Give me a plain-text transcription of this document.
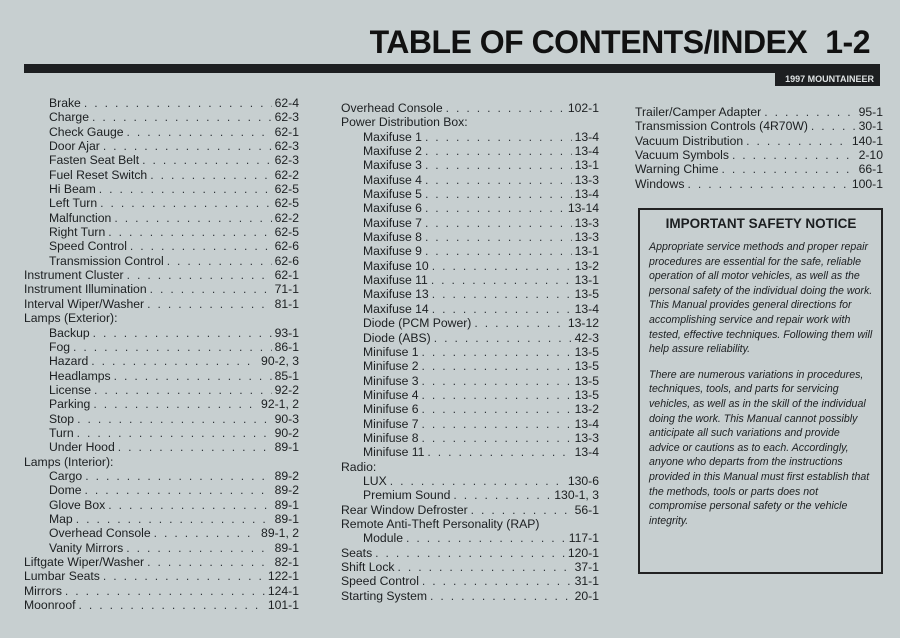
TABLE OF CONTENTS/INDEX 1-2
1997 MOUNTAINEER
Brake . . .	62-4
Charge . . .	62-3
Check Gauge . . .	62-1
Door Ajar . . .	62-3
Fasten Seat Belt . . .	62-3
Fuel Reset Switch . . .	62-2
Hi Beam . . .	62-5
Left Turn . . .	62-5
Malfunction . . .	62-2
Right Turn . . .	62-5
Speed Control . . .	62-6
Transmission Control . . .	62-6
Instrument Cluster . . .	62-1
Instrument Illumination . . .	71-1
Interval Wiper/Washer . . .	81-1
Lamps (Exterior):
Backup . . .	93-1
Fog . . .	86-1
Hazard . . .	90-2, 3
Headlamps . . .	85-1
License . . .	92-2
Parking . . .	92-1, 2
Stop . . .	90-3
Turn . . .	90-2
Under Hood . . .	89-1
Lamps (Interior):
Cargo . . .	89-2
Dome . . .	89-2
Glove Box . . .	89-1
Map . . .	89-1
Overhead Console . . .	89-1, 2
Vanity Mirrors . . .	89-1
Liftgate Wiper/Washer . . .	82-1
Lumbar Seats . . .	122-1
Mirrors . . .	124-1
Moonroof . . .	101-1
Overhead Console . . .	102-1
Power Distribution Box:
Maxifuse 1 . . .	13-4
Maxifuse 2 . . .	13-4
Maxifuse 3 . . .	13-1
Maxifuse 4 . . .	13-3
Maxifuse 5 . . .	13-4
Maxifuse 6 . . .	13-14
Maxifuse 7 . . .	13-3
Maxifuse 8 . . .	13-3
Maxifuse 9 . . .	13-1
Maxifuse 10 . . .	13-2
Maxifuse 11 . . .	13-1
Maxifuse 13 . . .	13-5
Maxifuse 14 . . .	13-4
Diode (PCM Power) . . .	13-12
Diode (ABS) . . .	42-3
Minifuse 1 . . .	13-5
Minifuse 2 . . .	13-5
Minifuse 3 . . .	13-5
Minifuse 4 . . .	13-5
Minifuse 6 . . .	13-2
Minifuse 7 . . .	13-4
Minifuse 8 . . .	13-3
Minifuse 11 . . .	13-4
Radio:
LUX . . .	130-6
Premium Sound . . .	130-1, 3
Rear Window Defroster . . .	56-1
Remote Anti-Theft Personality (RAP)
Module . . .	117-1
Seats . . .	120-1
Shift Lock . . .	37-1
Speed Control . . .	31-1
Starting System . . .	20-1
Trailer/Camper Adapter . . .	95-1
Transmission Controls (4R70W) . . .	30-1
Vacuum Distribution . . .	140-1
Vacuum Symbols . . .	2-10
Warning Chime . . .	66-1
Windows . . .	100-1
IMPORTANT SAFETY NOTICE

Appropriate service methods and proper repair procedures are essential for the safe, reliable operation of all motor vehicles, as well as the personal safety of the individual doing the work. This Manual provides general directions for accomplishing service and repair work with tested, effective techniques. Following them will help assure reliability.

There are numerous variations in procedures, techniques, tools, and parts for servicing vehicles, as well as in the skill of the individual doing the work. This Manual cannot possibly anticipate all such variations and provide advice or cautions as to each. Accordingly, anyone who departs from the instructions provided in this Manual must first establish that the methods, tools or parts does not compromise personal safety or the vehicle integrity.
